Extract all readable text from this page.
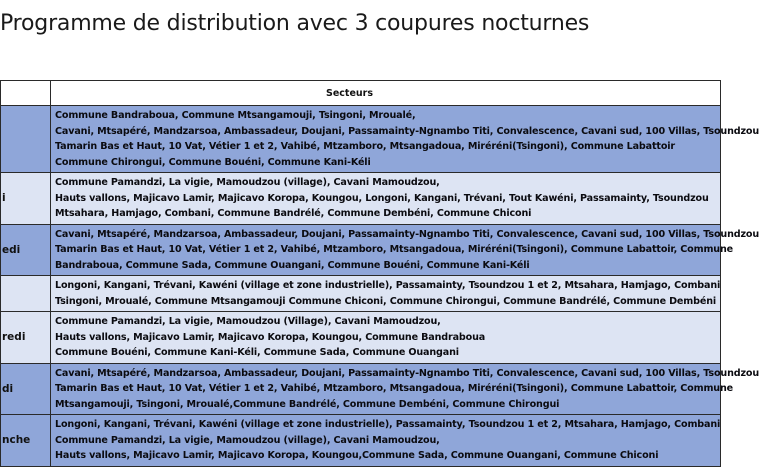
Programme de distribution avec 3 coupures nocturnes

	Secteurs

	Commune Bandraboua, Commune Mtsangamouji, Tsingoni, Mroualé,
Cavani, Mtsapéré, Mandzarsoa, Ambassadeur, Doujani, Passamainty-Ngnambo Titi, Convalescence, Cavani sud, 100 Villas, Tsoundzou
Tamarin Bas et Haut, 10 Vat, Vétier 1 et 2, Vahibé, Mtzamboro, Mtsangadoua, Miréréni(Tsingoni), Commune Labattoir
Commune Chirongui, Commune Bouéni, Commune Kani-Kéli

i	Commune Pamandzi, La vigie, Mamoudzou (village), Cavani Mamoudzou,
Hauts vallons, Majicavo Lamir, Majicavo Koropa, Koungou, Longoni, Kangani, Trévani, Tout Kawéni, Passamainty, Tsoundzou
Mtsahara, Hamjago, Combani, Commune Bandrélé, Commune Dembéni, Commune Chiconi

edi	Cavani, Mtsapéré, Mandzarsoa, Ambassadeur, Doujani, Passamainty-Ngnambo Titi, Convalescence, Cavani sud, 100 Villas, Tsoundzou
Tamarin Bas et Haut, 10 Vat, Vétier 1 et 2, Vahibé, Mtzamboro, Mtsangadoua, Miréréni(Tsingoni), Commune Labattoir, Commune
Bandraboua, Commune Sada, Commune Ouangani, Commune Bouéni, Commune Kani-Kéli

	Longoni, Kangani, Trévani, Kawéni (village et zone industrielle), Passamainty, Tsoundzou 1 et 2, Mtsahara, Hamjago, Combani
Tsingoni, Mroualé, Commune Mtsangamouji Commune Chiconi, Commune Chirongui, Commune Bandrélé, Commune Dembéni

redi	Commune Pamandzi, La vigie, Mamoudzou (Village), Cavani Mamoudzou,
Hauts vallons, Majicavo Lamir, Majicavo Koropa, Koungou, Commune Bandraboua
Commune Bouéni, Commune Kani-Kéli, Commune Sada, Commune Ouangani

di	Cavani, Mtsapéré, Mandzarsoa, Ambassadeur, Doujani, Passamainty-Ngnambo Titi, Convalescence, Cavani sud, 100 Villas, Tsoundzou
Tamarin Bas et Haut, 10 Vat, Vétier 1 et 2, Vahibé, Mtzamboro, Mtsangadoua, Miréréni(Tsingoni), Commune Labattoir, Commune
Mtsangamouji, Tsingoni, Mroualé,Commune Bandrélé, Commune Dembéni, Commune Chirongui

nche	Longoni, Kangani, Trévani, Kawéni (village et zone industrielle), Passamainty, Tsoundzou 1 et 2, Mtsahara, Hamjago, Combani
Commune Pamandzi, La vigie, Mamoudzou (village), Cavani Mamoudzou,
Hauts vallons, Majicavo Lamir, Majicavo Koropa, Koungou,Commune Sada, Commune Ouangani, Commune Chiconi
